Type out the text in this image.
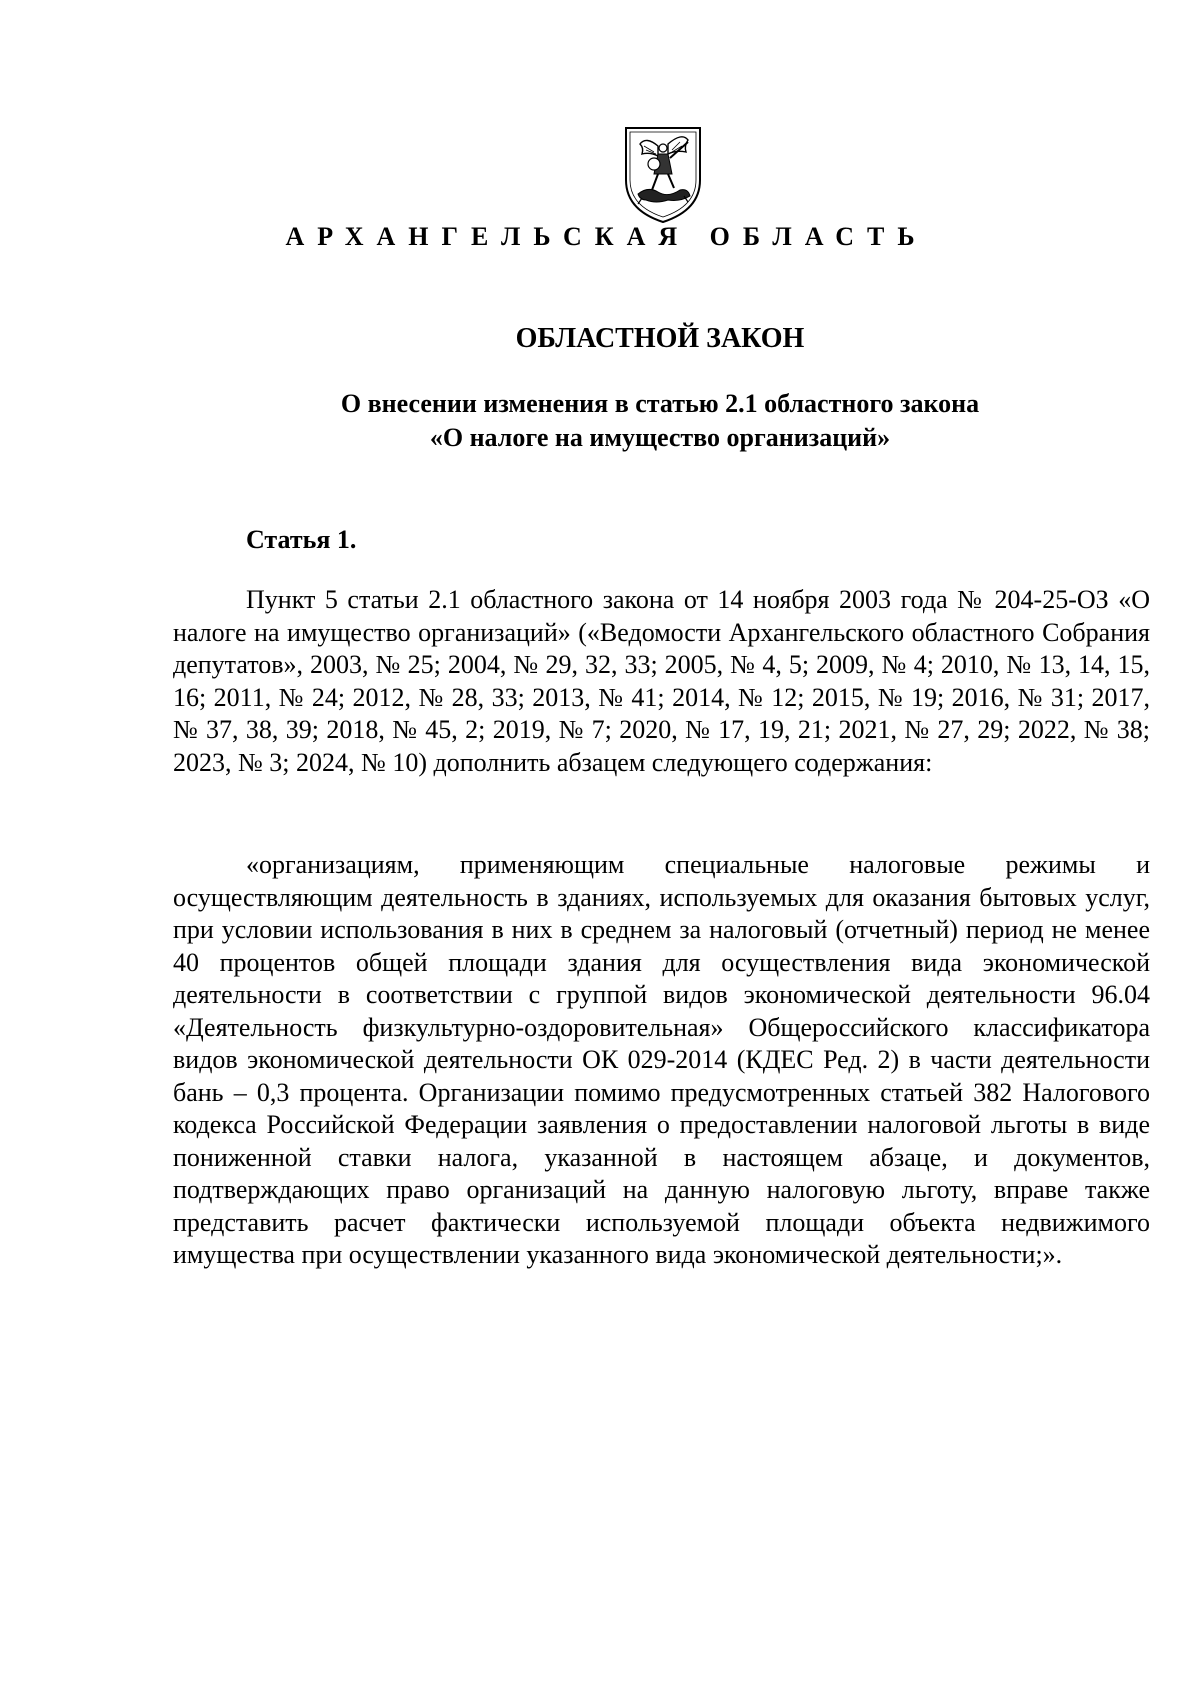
АРХАНГЕЛЬСКАЯ ОБЛАСТЬ
ОБЛАСТНОЙ ЗАКОН
О внесении изменения в статью 2.1 областного закона
«О налоге на имущество организаций»
Статья 1.

Пункт 5 статьи 2.1 областного закона от 14 ноября 2003 года № 204-25-ОЗ «О налоге на имущество организаций» («Ведомости Архангельского областного Собрания депутатов», 2003, № 25; 2004, № 29, 32, 33; 2005, № 4, 5; 2009, № 4; 2010, № 13, 14, 15, 16; 2011, № 24; 2012, № 28, 33; 2013, № 41; 2014, № 12; 2015, № 19; 2016, № 31; 2017, № 37, 38, 39; 2018, № 45, 2; 2019, № 7; 2020, № 17, 19, 21; 2021, № 27, 29; 2022, № 38; 2023, № 3; 2024, № 10) дополнить абзацем следующего содержания:

«организациям, применяющим специальные налоговые режимы и осуществляющим деятельность в зданиях, используемых для оказания бытовых услуг, при условии использования в них в среднем за налоговый (отчетный) период не менее 40 процентов общей площади здания для осуществления вида экономической деятельности в соответствии с группой видов экономической деятельности 96.04 «Деятельность физкультурно-оздоровительная» Общероссийского классификатора видов экономической деятельности ОК 029-2014 (КДЕС Ред. 2) в части деятельности бань – 0,3 процента. Организации помимо предусмотренных статьей 382 Налогового кодекса Российской Федерации заявления о предоставлении налоговой льготы в виде пониженной ставки налога, указанной в настоящем абзаце, и документов, подтверждающих право организаций на данную налоговую льготу, вправе также представить расчет фактически используемой площади объекта недвижимого имущества при осуществлении указанного вида экономической деятельности;».
